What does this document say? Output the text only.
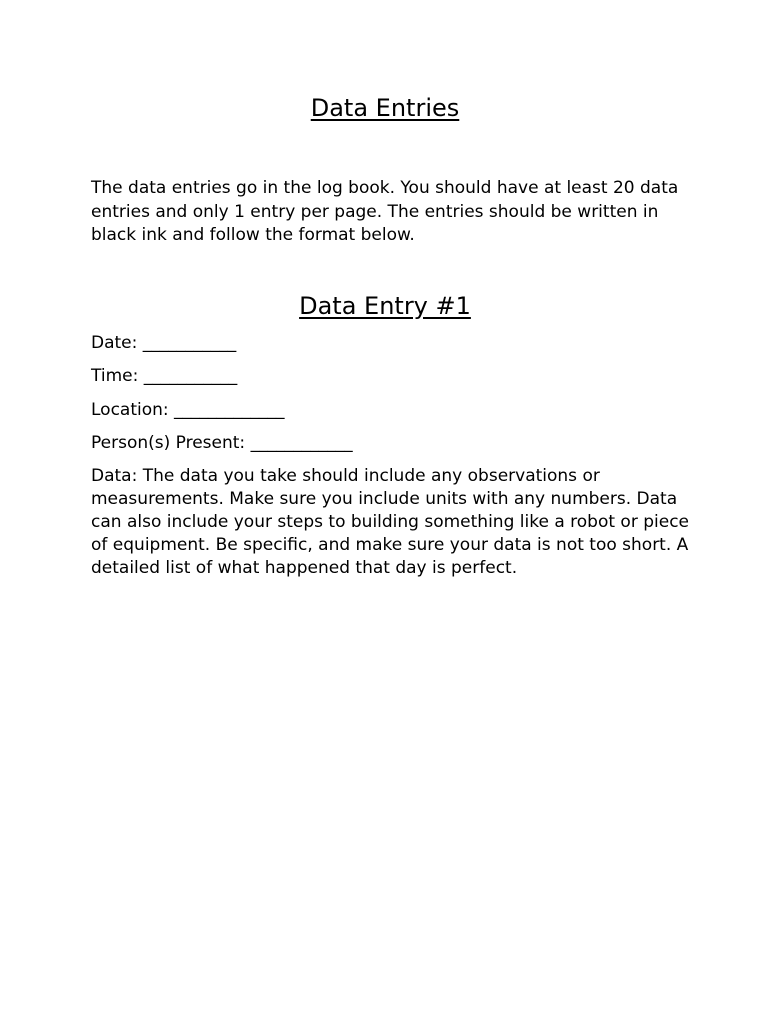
Data Entries

The data entries go in the log book. You should have at least 20 data entries and only 1 entry per page. The entries should be written in black ink and follow the format below.

Data Entry #1

Date: ___________

Time: ___________

Location: _____________

Person(s) Present: ____________

Data: The data you take should include any observations or measurements. Make sure you include units with any numbers. Data can also include your steps to building something like a robot or piece of equipment. Be specific, and make sure your data is not too short. A detailed list of what happened that day is perfect.
